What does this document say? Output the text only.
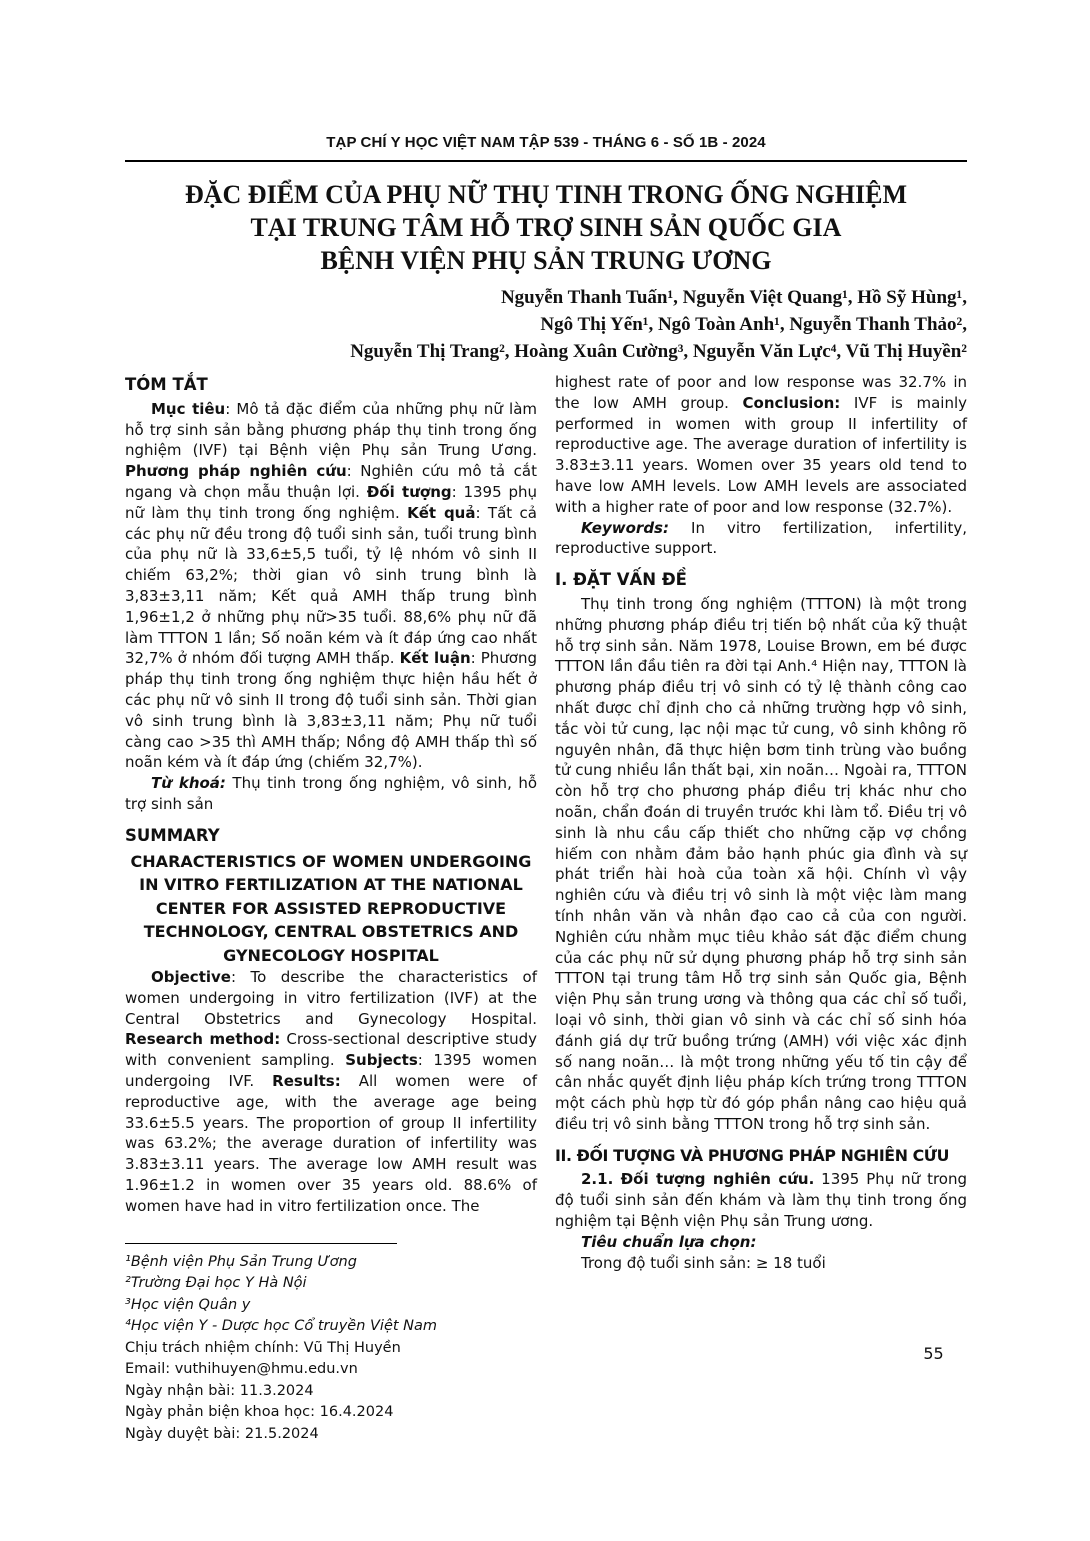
TẠP CHÍ Y HỌC VIỆT NAM TẬP 539 - THÁNG 6 - SỐ 1B - 2024
ĐẶC ĐIỂM CỦA PHỤ NỮ THỤ TINH TRONG ỐNG NGHIỆM
TẠI TRUNG TÂM HỖ TRỢ SINH SẢN QUỐC GIA
BỆNH VIỆN PHỤ SẢN TRUNG ƯƠNG
Nguyễn Thanh Tuấn¹, Nguyễn Việt Quang¹, Hồ Sỹ Hùng¹,
Ngô Thị Yến¹, Ngô Toàn Anh¹, Nguyễn Thanh Thảo²,
Nguyễn Thị Trang², Hoàng Xuân Cường³, Nguyễn Văn Lực⁴, Vũ Thị Huyền²
TÓM TẮT

Mục tiêu: Mô tả đặc điểm của những phụ nữ làm hỗ trợ sinh sản bằng phương pháp thụ tinh trong ống nghiệm (IVF) tại Bệnh viện Phụ sản Trung Ương. Phương pháp nghiên cứu: Nghiên cứu mô tả cắt ngang và chọn mẫu thuận lợi. Đối tượng: 1395 phụ nữ làm thụ tinh trong ống nghiệm. Kết quả: Tất cả các phụ nữ đều trong độ tuổi sinh sản, tuổi trung bình của phụ nữ là 33,6±5,5 tuổi, tỷ lệ nhóm vô sinh II chiếm 63,2%; thời gian vô sinh trung bình là 3,83±3,11 năm; Kết quả AMH thấp trung bình 1,96±1,2 ở những phụ nữ>35 tuổi. 88,6% phụ nữ đã làm TTTON 1 lần; Số noãn kém và ít đáp ứng cao nhất 32,7% ở nhóm đối tượng AMH thấp. Kết luận: Phương pháp thụ tinh trong ống nghiệm thực hiện hầu hết ở các phụ nữ vô sinh II trong độ tuổi sinh sản. Thời gian vô sinh trung bình là 3,83±3,11 năm; Phụ nữ tuổi càng cao >35 thì AMH thấp; Nồng độ AMH thấp thì số noãn kém và ít đáp ứng (chiếm 32,7%).

Từ khoá: Thụ tinh trong ống nghiệm, vô sinh, hỗ trợ sinh sản

SUMMARY
CHARACTERISTICS OF WOMEN UNDERGOING IN VITRO FERTILIZATION AT THE NATIONAL CENTER FOR ASSISTED REPRODUCTIVE TECHNOLOGY, CENTRAL OBSTETRICS AND GYNECOLOGY HOSPITAL

Objective: To describe the characteristics of women undergoing in vitro fertilization (IVF) at the Central Obstetrics and Gynecology Hospital. Research method: Cross-sectional descriptive study with convenient sampling. Subjects: 1395 women undergoing IVF. Results: All women were of reproductive age, with the average age being 33.6±5.5 years. The proportion of group II infertility was 63.2%; the average duration of infertility was 3.83±3.11 years. The average low AMH result was 1.96±1.2 in women over 35 years old. 88.6% of women have had in vitro fertilization once. The

¹Bệnh viện Phụ Sản Trung Ương
²Trường Đại học Y Hà Nội
³Học viện Quân y
⁴Học viện Y - Dược học Cổ truyền Việt Nam
Chịu trách nhiệm chính: Vũ Thị Huyền
Email: vuthihuyen@hmu.edu.vn
Ngày nhận bài: 11.3.2024
Ngày phản biện khoa học: 16.4.2024
Ngày duyệt bài: 21.5.2024

highest rate of poor and low response was 32.7% in the low AMH group. Conclusion: IVF is mainly performed in women with group II infertility of reproductive age. The average duration of infertility is 3.83±3.11 years. Women over 35 years old tend to have low AMH levels. Low AMH levels are associated with a higher rate of poor and low response (32.7%).

Keywords: In vitro fertilization, infertility, reproductive support.

I. ĐẶT VẤN ĐỀ

Thụ tinh trong ống nghiệm (TTTON) là một trong những phương pháp điều trị tiến bộ nhất của kỹ thuật hỗ trợ sinh sản. Năm 1978, Louise Brown, em bé được TTTON lần đầu tiên ra đời tại Anh.⁴ Hiện nay, TTTON là phương pháp điều trị vô sinh có tỷ lệ thành công cao nhất được chỉ định cho cả những trường hợp vô sinh, tắc vòi tử cung, lạc nội mạc tử cung, vô sinh không rõ nguyên nhân, đã thực hiện bơm tinh trùng vào buồng tử cung nhiều lần thất bại, xin noãn… Ngoài ra, TTTON còn hỗ trợ cho phương pháp điều trị khác như cho noãn, chẩn đoán di truyền trước khi làm tổ. Điều trị vô sinh là nhu cầu cấp thiết cho những cặp vợ chồng hiếm con nhằm đảm bảo hạnh phúc gia đình và sự phát triển hài hoà của toàn xã hội. Chính vì vậy nghiên cứu và điều trị vô sinh là một việc làm mang tính nhân văn và nhân đạo cao cả của con người. Nghiên cứu nhằm mục tiêu khảo sát đặc điểm chung của các phụ nữ sử dụng phương pháp hỗ trợ sinh sản TTTON tại trung tâm Hỗ trợ sinh sản Quốc gia, Bệnh viện Phụ sản trung ương và thông qua các chỉ số tuổi, loại vô sinh, thời gian vô sinh và các chỉ số sinh hóa đánh giá dự trữ buồng trứng (AMH) với việc xác định số nang noãn… là một trong những yếu tố tin cậy để cân nhắc quyết định liệu pháp kích trứng trong TTTON một cách phù hợp từ đó góp phần nâng cao hiệu quả điều trị vô sinh bằng TTTON trong hỗ trợ sinh sản.

II. ĐỐI TƯỢNG VÀ PHƯƠNG PHÁP NGHIÊN CỨU

2.1. Đối tượng nghiên cứu. 1395 Phụ nữ trong độ tuổi sinh sản đến khám và làm thụ tinh trong ống nghiệm tại Bệnh viện Phụ sản Trung ương.

Tiêu chuẩn lựa chọn:

Trong độ tuổi sinh sản: ≥ 18 tuổi

55
